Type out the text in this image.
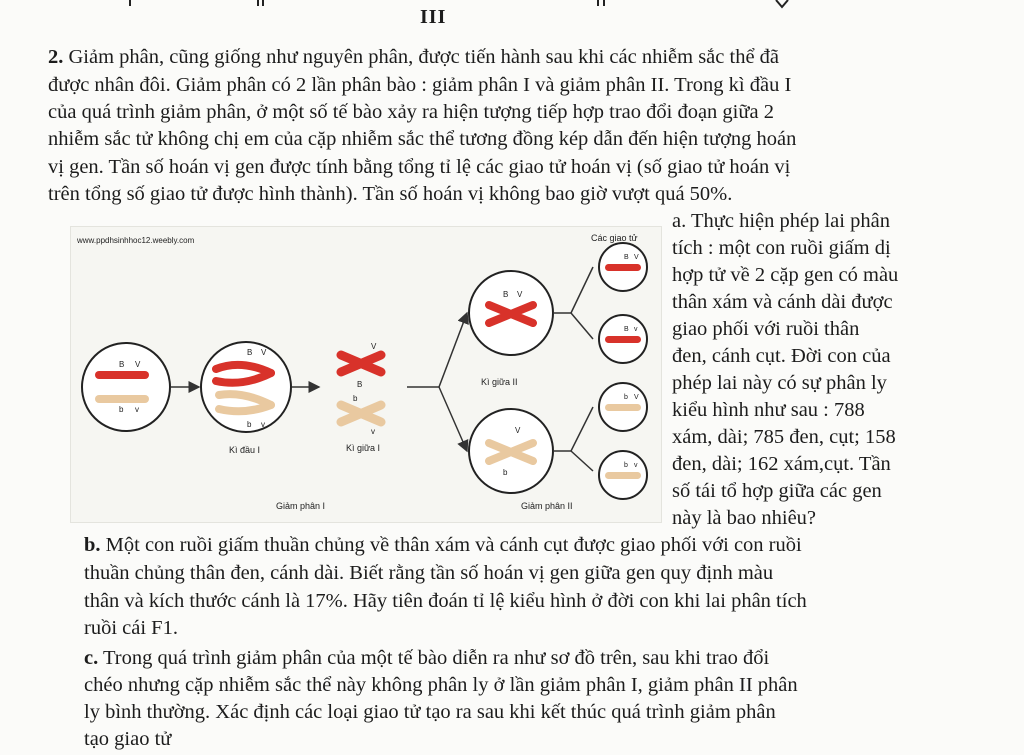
III
2. Giảm phân, cũng giống như nguyên phân, được tiến hành sau khi các nhiễm sắc thể đã
được nhân đôi. Giảm phân có 2 lần phân bào : giảm phân I và giảm phân II. Trong kì đầu I
của quá trình giảm phân, ở một số tế bào xảy ra hiện tượng tiếp hợp trao đổi đoạn giữa 2
nhiễm sắc tử không chị em của cặp nhiễm sắc thể tương đồng kép dẫn đến hiện tượng hoán
vị gen. Tần số hoán vị gen được tính bằng tổng tỉ lệ các giao tử hoán vị (số giao tử hoán vị
trên tổng số giao tử được hình thành). Tần số hoán vị không bao giờ vượt quá 50%.
a. Thực hiện phép lai phân
tích : một con ruồi giấm dị
hợp tử về 2 cặp gen có màu
thân xám và cánh dài được
giao phối với ruồi thân
đen, cánh cụt. Đời con của
phép lai này có sự phân ly
kiểu hình như sau : 788
xám, dài; 785 đen, cụt; 158
đen, dài; 162 xám,cụt. Tần
số tái tổ hợp giữa các gen
này là bao nhiêu?
www.ppdhsinhhoc12.weebly.com	Các giao tử
B V
b v
B V
b v
V
B
b
v
B V
V
b
Kì giữa II
B V
B v
b V
b v
Kì đầu I	Kì giữa I
Giảm phân I	Giảm phân II
b. Một con ruồi giấm thuần chủng về thân xám và cánh cụt được giao phối với con ruồi
thuần chủng thân đen, cánh dài. Biết rằng tần số hoán vị gen giữa gen quy định màu
thân và kích thước cánh là 17%. Hãy tiên đoán tỉ lệ kiểu hình ở đời con khi lai phân tích
ruồi cái F1.
c. Trong quá trình giảm phân của một tế bào diễn ra như sơ đồ trên, sau khi trao đổi
chéo nhưng cặp nhiễm sắc thể này không phân ly ở lần giảm phân I, giảm phân II phân
ly bình thường. Xác định các loại giao tử tạo ra sau khi kết thúc quá trình giảm phân
tạo giao tử
